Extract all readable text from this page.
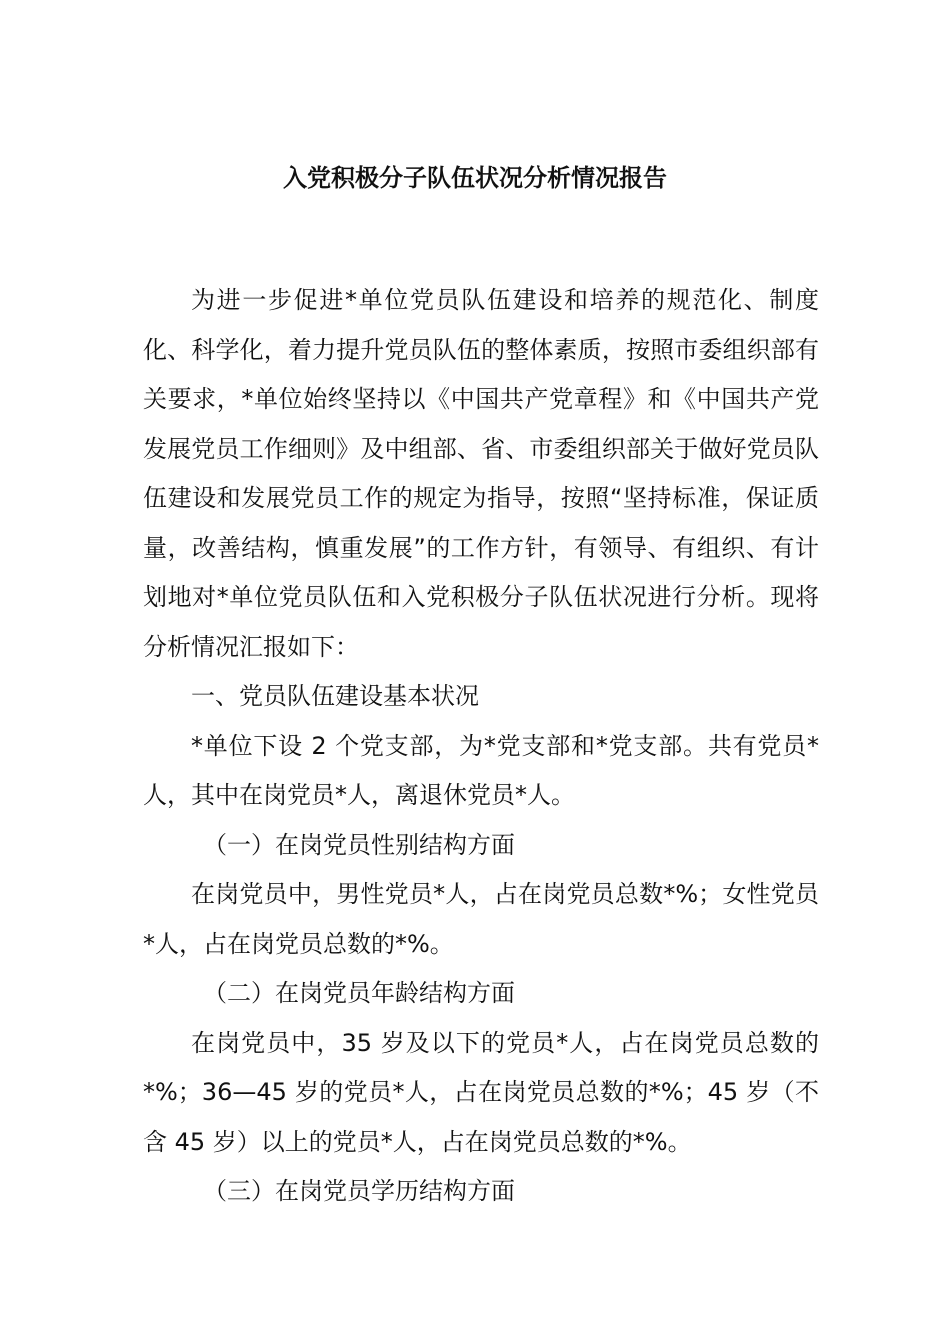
入党积极分子队伍状况分析情况报告

为进一步促进*单位党员队伍建设和培养的规范化、制度化、科学化，着力提升党员队伍的整体素质，按照市委组织部有关要求，*单位始终坚持以《中国共产党章程》和《中国共产党发展党员工作细则》及中组部、省、市委组织部关于做好党员队伍建设和发展党员工作的规定为指导，按照“坚持标准，保证质量，改善结构，慎重发展”的工作方针，有领导、有组织、有计划地对*单位党员队伍和入党积极分子队伍状况进行分析。现将分析情况汇报如下：

一、党员队伍建设基本状况

*单位下设 2 个党支部，为*党支部和*党支部。共有党员*人，其中在岗党员*人，离退休党员*人。

（一）在岗党员性别结构方面

在岗党员中，男性党员*人，占在岗党员总数*%；女性党员*人，占在岗党员总数的*%。

（二）在岗党员年龄结构方面

在岗党员中，35 岁及以下的党员*人，占在岗党员总数的*%；36—45 岁的党员*人，占在岗党员总数的*%；45 岁（不含 45 岁）以上的党员*人，占在岗党员总数的*%。

（三）在岗党员学历结构方面
